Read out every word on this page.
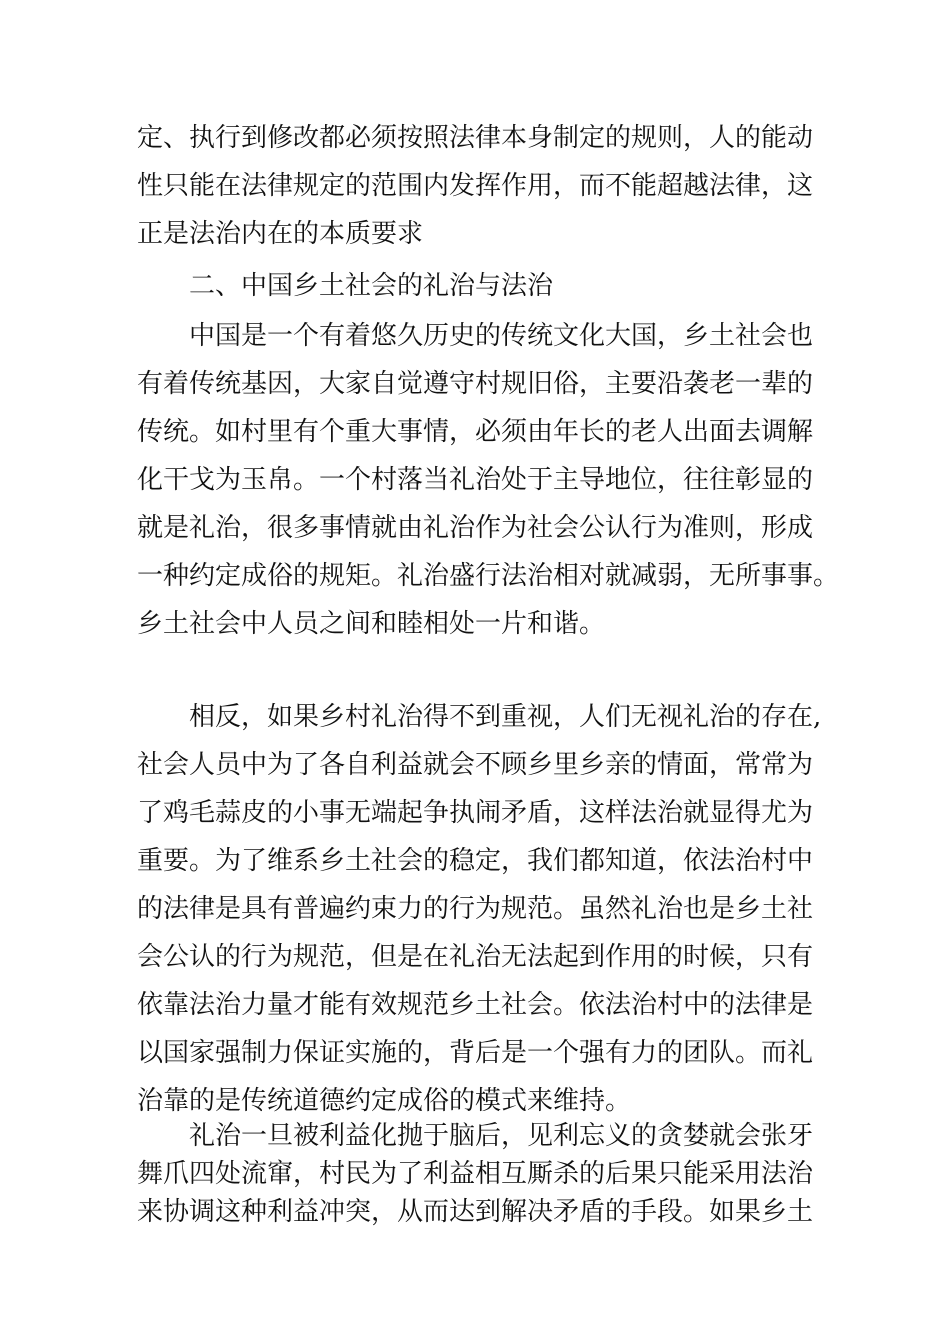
定、执行到修改都必须按照法律本身制定的规则，人的能动
性只能在法律规定的范围内发挥作用，而不能超越法律，这
正是法治内在的本质要求

二、中国乡土社会的礼治与法治

中国是一个有着悠久历史的传统文化大国，乡土社会也
有着传统基因，大家自觉遵守村规旧俗，主要沿袭老一辈的
传统。如村里有个重大事情，必须由年长的老人出面去调解
化干戈为玉帛。一个村落当礼治处于主导地位，往往彰显的
就是礼治，很多事情就由礼治作为社会公认行为准则，形成
一种约定成俗的规矩。礼治盛行法治相对就减弱，无所事事。
乡土社会中人员之间和睦相处一片和谐。

相反，如果乡村礼治得不到重视，人们无视礼治的存在,
社会人员中为了各自利益就会不顾乡里乡亲的情面，常常为
了鸡毛蒜皮的小事无端起争执闹矛盾，这样法治就显得尤为
重要。为了维系乡土社会的稳定，我们都知道，依法治村中
的法律是具有普遍约束力的行为规范。虽然礼治也是乡土社
会公认的行为规范，但是在礼治无法起到作用的时候，只有
依靠法治力量才能有效规范乡土社会。依法治村中的法律是
以国家强制力保证实施的，背后是一个强有力的团队。而礼
治靠的是传统道德约定成俗的模式来维持。

礼治一旦被利益化抛于脑后，见利忘义的贪婪就会张牙
舞爪四处流窜，村民为了利益相互厮杀的后果只能采用法治
来协调这种利益冲突，从而达到解决矛盾的手段。如果乡土
